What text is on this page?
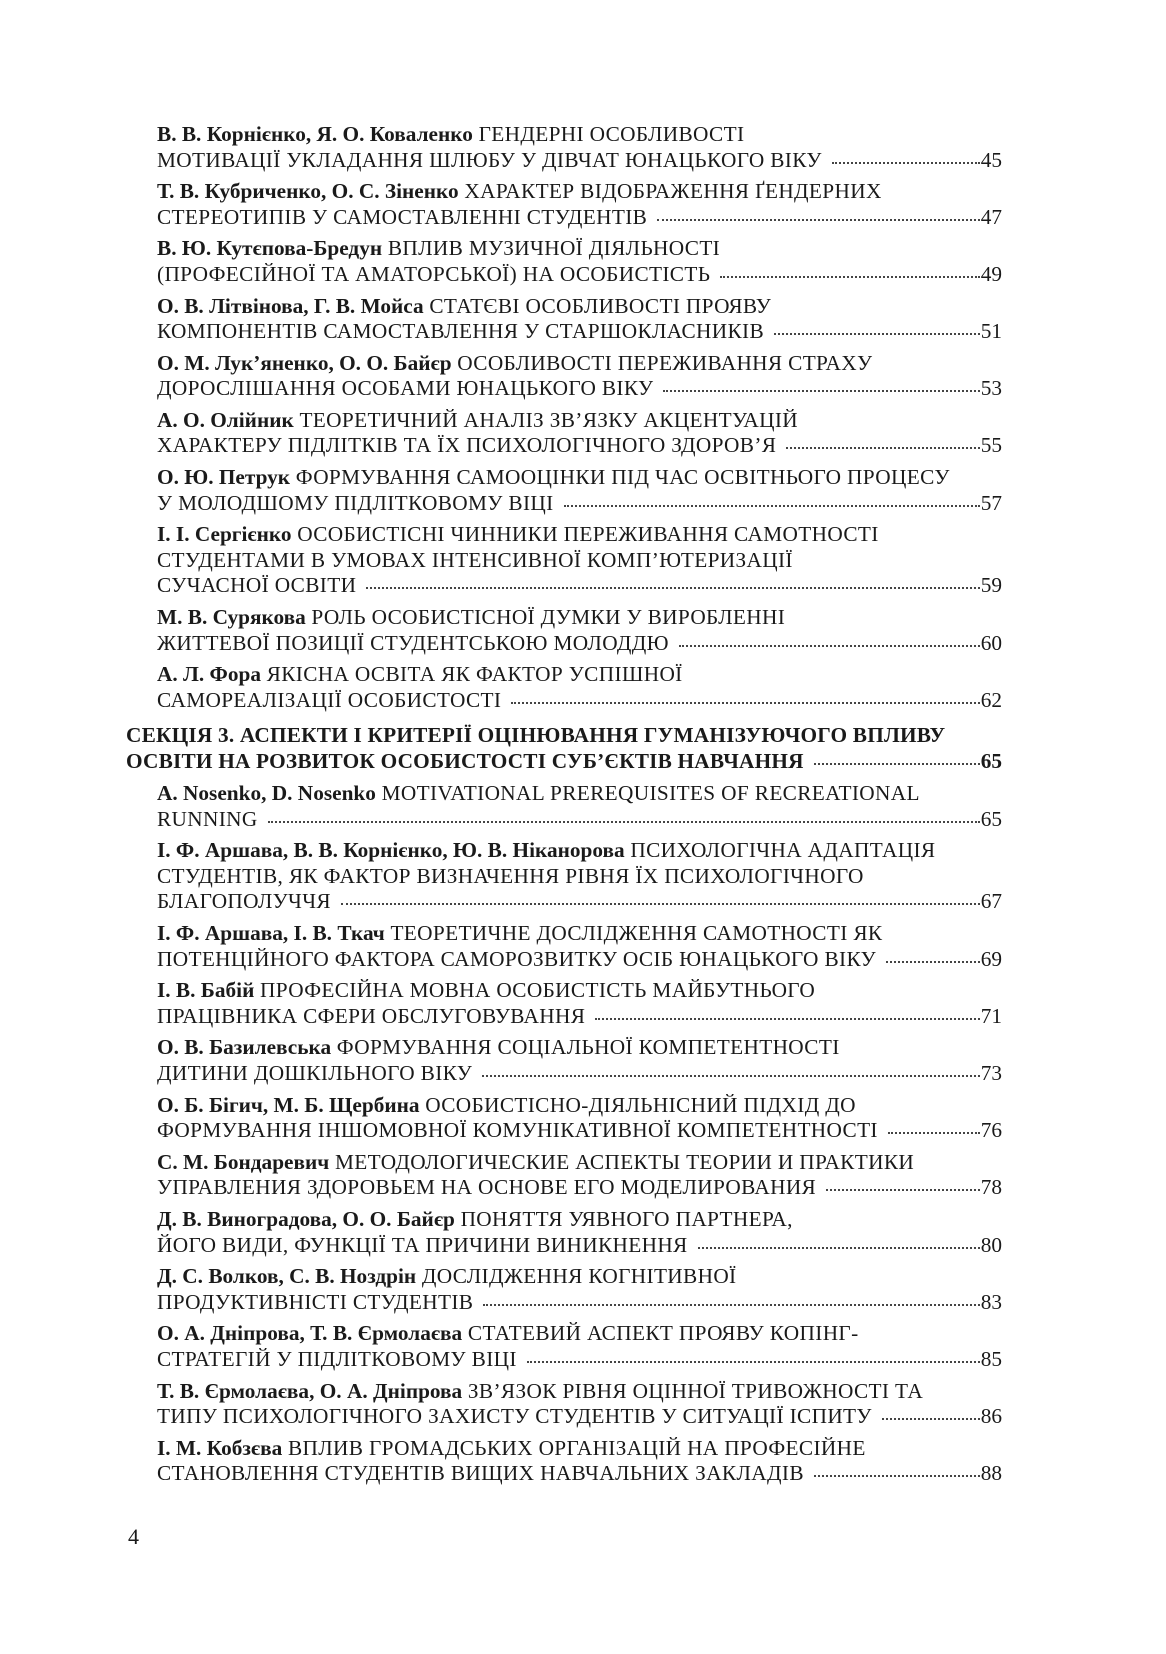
В. В. Корнієнко, Я. О. Коваленко ГЕНДЕРНІ ОСОБЛИВОСТІ
МОТИВАЦІЇ УКЛАДАННЯ ШЛЮБУ У ДІВЧАТ ЮНАЦЬКОГО ВІКУ	45
Т. В. Кубриченко, О. С. Зіненко ХАРАКТЕР ВІДОБРАЖЕННЯ ҐЕНДЕРНИХ
СТЕРЕОТИПІВ У САМОСТАВЛЕННІ СТУДЕНТІВ	47
В. Ю. Кутєпова-Бредун ВПЛИВ МУЗИЧНОЇ ДІЯЛЬНОСТІ
(ПРОФЕСІЙНОЇ ТА АМАТОРСЬКОЇ) НА ОСОБИСТІСТЬ	49
О. В. Літвінова, Г. В. Мойса СТАТЄВІ ОСОБЛИВОСТІ ПРОЯВУ
КОМПОНЕНТІВ САМОСТАВЛЕННЯ У СТАРШОКЛАСНИКІВ	51
О. М. Лук’яненко, О. О. Байєр ОСОБЛИВОСТІ ПЕРЕЖИВАННЯ СТРАХУ
ДОРОСЛІШАННЯ ОСОБАМИ ЮНАЦЬКОГО ВІКУ	53
А. О. Олійник ТЕОРЕТИЧНИЙ АНАЛІЗ ЗВ’ЯЗКУ АКЦЕНТУАЦІЙ
ХАРАКТЕРУ ПІДЛІТКІВ ТА ЇХ ПСИХОЛОГІЧНОГО ЗДОРОВ’Я	55
О. Ю. Петрук ФОРМУВАННЯ САМООЦІНКИ ПІД ЧАС ОСВІТНЬОГО ПРОЦЕСУ
У МОЛОДШОМУ ПІДЛІТКОВОМУ ВІЦІ	57
І. І. Сергієнко ОСОБИСТІСНІ ЧИННИКИ ПЕРЕЖИВАННЯ САМОТНОСТІ
СТУДЕНТАМИ В УМОВАХ ІНТЕНСИВНОЇ КОМП’ЮТЕРИЗАЦІЇ
СУЧАСНОЇ ОСВІТИ	59
М. В. Сурякова РОЛЬ ОСОБИСТІСНОЇ ДУМКИ У ВИРОБЛЕННІ
ЖИТТЕВОЇ ПОЗИЦІЇ СТУДЕНТСЬКОЮ МОЛОДДЮ	60
А. Л. Фора ЯКІСНА ОСВІТА ЯК ФАКТОР УСПІШНОЇ
САМОРЕАЛІЗАЦІЇ ОСОБИСТОСТІ	62
СЕКЦІЯ 3. АСПЕКТИ І КРИТЕРІЇ ОЦІНЮВАННЯ ГУМАНІЗУЮЧОГО ВПЛИВУ
ОСВІТИ НА РОЗВИТОК ОСОБИСТОСТІ СУБ’ЄКТІВ НАВЧАННЯ	65
A. Nosenko, D. Nosenko MOTIVATIONAL PREREQUISITES OF RECREATIONAL
RUNNING	65
І. Ф. Аршава, В. В. Корнієнко, Ю. В. Ніканорова ПСИХОЛОГІЧНА АДАПТАЦІЯ
СТУДЕНТІВ, ЯК ФАКТОР ВИЗНАЧЕННЯ РІВНЯ ЇХ ПСИХОЛОГІЧНОГО
БЛАГОПОЛУЧЧЯ	67
І. Ф. Аршава, І. В. Ткач ТЕОРЕТИЧНЕ ДОСЛІДЖЕННЯ САМОТНОСТІ ЯК
ПОТЕНЦІЙНОГО ФАКТОРА САМОРОЗВИТКУ ОСІБ ЮНАЦЬКОГО ВІКУ	69
І. В. Бабій ПРОФЕСІЙНА МОВНА ОСОБИСТІСТЬ МАЙБУТНЬОГО
ПРАЦІВНИКА СФЕРИ ОБСЛУГОВУВАННЯ	71
О. В. Базилевська ФОРМУВАННЯ СОЦІАЛЬНОЇ КОМПЕТЕНТНОСТІ
ДИТИНИ ДОШКІЛЬНОГО ВІКУ	73
О. Б. Бігич, М. Б. Щербина ОСОБИСТІСНО-ДІЯЛЬНІСНИЙ ПІДХІД ДО
ФОРМУВАННЯ ІНШОМОВНОЇ КОМУНІКАТИВНОЇ КОМПЕТЕНТНОСТІ	76
С. М. Бондаревич МЕТОДОЛОГИЧЕСКИЕ АСПЕКТЫ ТЕОРИИ И ПРАКТИКИ
УПРАВЛЕНИЯ ЗДОРОВЬЕМ НА ОСНОВЕ ЕГО МОДЕЛИРОВАНИЯ	78
Д. В. Виноградова, О. О. Байєр ПОНЯТТЯ УЯВНОГО ПАРТНЕРА,
ЙОГО ВИДИ, ФУНКЦІЇ ТА ПРИЧИНИ ВИНИКНЕННЯ	80
Д. С. Волков, С. В. Ноздрін ДОСЛІДЖЕННЯ КОГНІТИВНОЇ
ПРОДУКТИВНІСТІ СТУДЕНТІВ	83
О. А. Дніпрова, Т. В. Єрмолаєва СТАТЕВИЙ АСПЕКТ ПРОЯВУ КОПІНГ-
СТРАТЕГІЙ У ПІДЛІТКОВОМУ ВІЦІ	85
Т. В. Єрмолаєва, О. А. Дніпрова ЗВ’ЯЗОК РІВНЯ ОЦІННОЇ ТРИВОЖНОСТІ ТА
ТИПУ ПСИХОЛОГІЧНОГО ЗАХИСТУ СТУДЕНТІВ У СИТУАЦІЇ ІСПИТУ	86
І. М. Кобзєва ВПЛИВ ГРОМАДСЬКИХ ОРГАНІЗАЦІЙ НА ПРОФЕСІЙНЕ
СТАНОВЛЕННЯ СТУДЕНТІВ ВИЩИХ НАВЧАЛЬНИХ ЗАКЛАДІВ	88
4
